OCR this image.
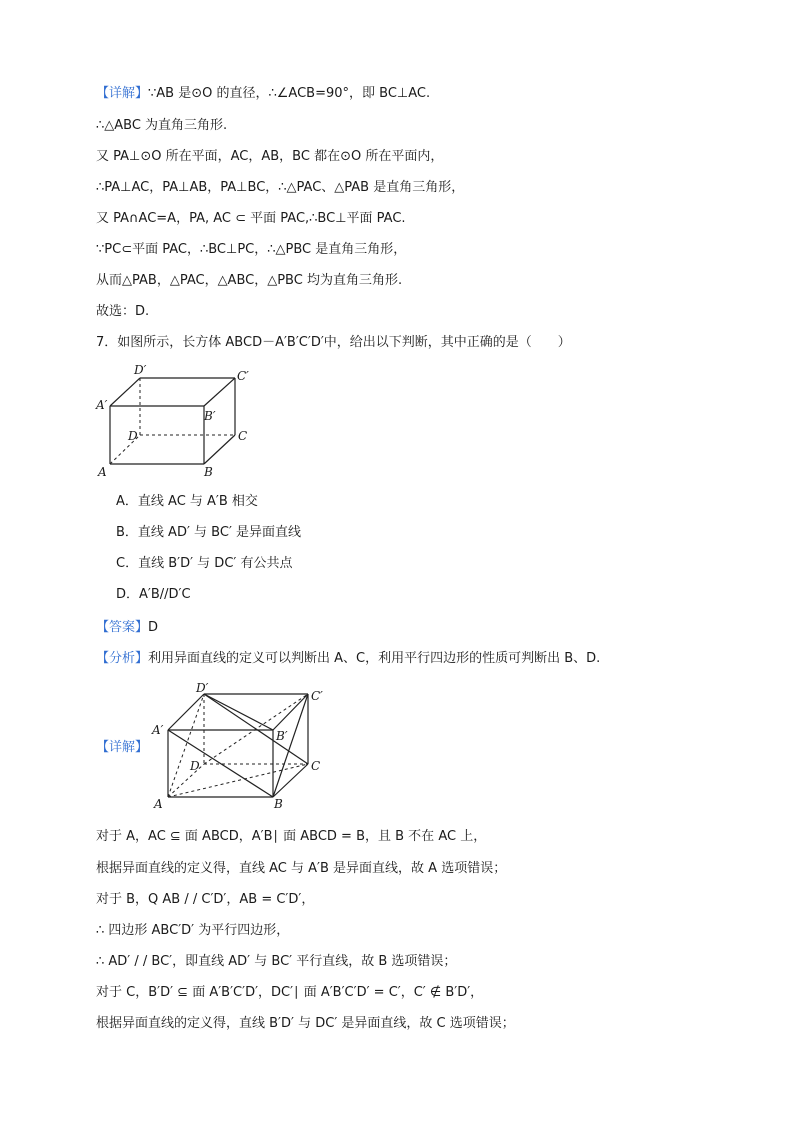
【详解】∵AB 是⊙O 的直径，∴∠ACB=90°，即 BC⊥AC.
∴△ABC 为直角三角形.
又 PA⊥⊙O 所在平面，AC，AB，BC 都在⊙O 所在平面内，
∴PA⊥AC，PA⊥AB，PA⊥BC，∴△PAC、△PAB 是直角三角形，
又 PA∩AC=A，PA, AC ⊂ 平面 PAC,∴BC⊥平面 PAC.
∵PC⊂平面 PAC，∴BC⊥PC，∴△PBC 是直角三角形，
从而△PAB，△PAC，△ABC，△PBC 均为直角三角形.
故选：D.
7．如图所示，长方体 ABCD－A′B′C′D′中，给出以下判断，其中正确的是（　　）
D′	C′
A′
B′
D	C
A	B
A．直线 AC 与 A′B 相交
B．直线 AD′ 与 BC′ 是异面直线
C．直线 B′D′ 与 DC′ 有公共点
D．A′B//D′C
【答案】D
【分析】利用异面直线的定义可以判断出 A、C，利用平行四边形的性质可判断出 B、D.
【详解】
D′
C′
A′	B′
D	C
A	B
对于 A，AC ⊆ 面 ABCD，A′B∣ 面 ABCD = B，且 B 不在 AC 上，
根据异面直线的定义得，直线 AC 与 A′B 是异面直线，故 A 选项错误；
对于 B，Q AB / / C′D′，AB = C′D′，
∴ 四边形 ABC′D′ 为平行四边形，
∴ AD′ / / BC′，即直线 AD′ 与 BC′ 平行直线，故 B 选项错误；
对于 C，B′D′ ⊆ 面 A′B′C′D′，DC′∣ 面 A′B′C′D′ = C′，C′ ∉ B′D′，
根据异面直线的定义得，直线 B′D′ 与 DC′ 是异面直线，故 C 选项错误；
